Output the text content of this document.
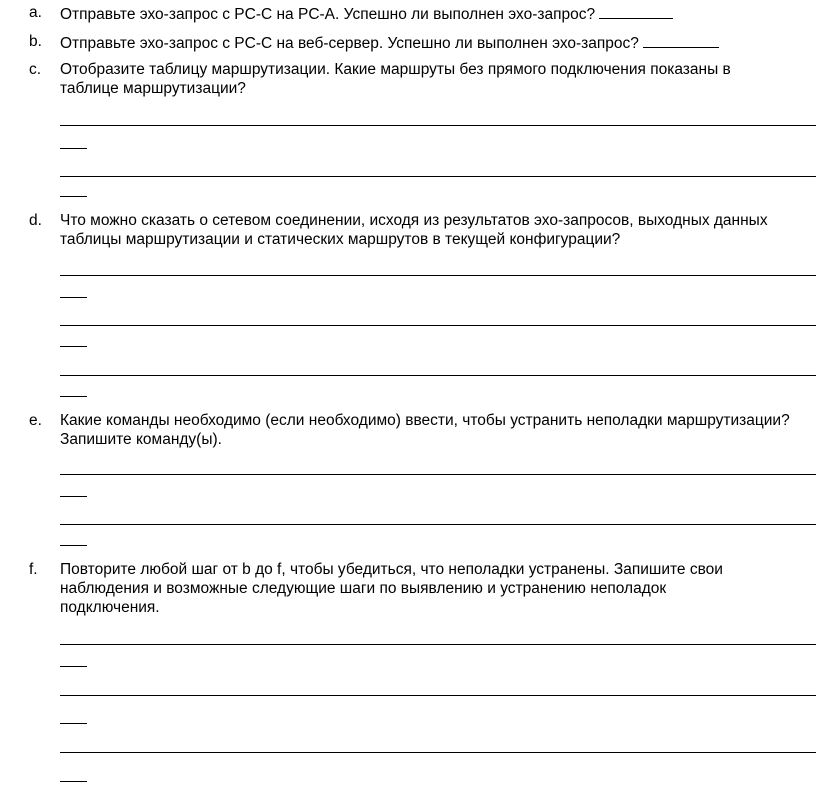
a. Отправьте эхо-запрос с PC-C на PC-A. Успешно ли выполнен эхо-запрос?
b. Отправьте эхо-запрос с PC-C на веб-сервер. Успешно ли выполнен эхо-запрос?
c. Отобразите таблицу маршрутизации. Какие маршруты без прямого подключения показаны в
таблице маршрутизации?
d. Что можно сказать о сетевом соединении, исходя из результатов эхо-запросов, выходных данных
таблицы маршрутизации и статических маршрутов в текущей конфигурации?
e. Какие команды необходимо (если необходимо) ввести, чтобы устранить неполадки маршрутизации?
Запишите команду(ы).
f. Повторите любой шаг от b до f, чтобы убедиться, что неполадки устранены. Запишите свои
наблюдения и возможные следующие шаги по выявлению и устранению неполадок
подключения.
